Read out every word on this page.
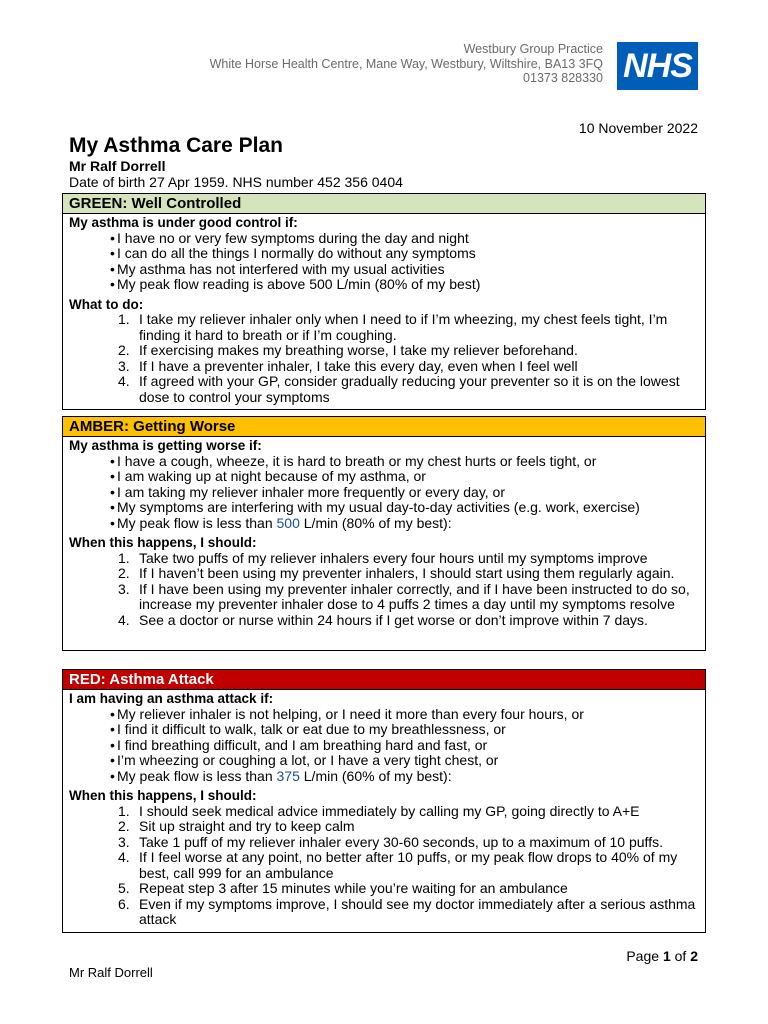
Westbury Group Practice
White Horse Health Centre, Mane Way, Westbury, Wiltshire, BA13 3FQ
01373 828330 NHS
10 November 2022
My Asthma Care Plan
Mr Ralf Dorrell
Date of birth 27 Apr 1959. NHS number 452 356 0404
GREEN: Well Controlled
My asthma is under good control if:
• I have no or very few symptoms during the day and night
• I can do all the things I normally do without any symptoms
• My asthma has not interfered with my usual activities
• My peak flow reading is above 500 L/min (80% of my best)
What to do:
1. I take my reliever inhaler only when I need to if I’m wheezing, my chest feels tight, I’m finding it hard to breath or if I’m coughing.
2. If exercising makes my breathing worse, I take my reliever beforehand.
3. If I have a preventer inhaler, I take this every day, even when I feel well
4. If agreed with your GP, consider gradually reducing your preventer so it is on the lowest dose to control your symptoms
AMBER: Getting Worse
My asthma is getting worse if:
• I have a cough, wheeze, it is hard to breath or my chest hurts or feels tight, or
• I am waking up at night because of my asthma, or
• I am taking my reliever inhaler more frequently or every day, or
• My symptoms are interfering with my usual day-to-day activities (e.g. work, exercise)
• My peak flow is less than 500 L/min (80% of my best):
When this happens, I should:
1. Take two puffs of my reliever inhalers every four hours until my symptoms improve
2. If I haven’t been using my preventer inhalers, I should start using them regularly again.
3. If I have been using my preventer inhaler correctly, and if I have been instructed to do so, increase my preventer inhaler dose to 4 puffs 2 times a day until my symptoms resolve
4. See a doctor or nurse within 24 hours if I get worse or don’t improve within 7 days.
RED: Asthma Attack
I am having an asthma attack if:
• My reliever inhaler is not helping, or I need it more than every four hours, or
• I find it difficult to walk, talk or eat due to my breathlessness, or
• I find breathing difficult, and I am breathing hard and fast, or
• I’m wheezing or coughing a lot, or I have a very tight chest, or
• My peak flow is less than 375 L/min (60% of my best):
When this happens, I should:
1. I should seek medical advice immediately by calling my GP, going directly to A+E
2. Sit up straight and try to keep calm
3. Take 1 puff of my reliever inhaler every 30-60 seconds, up to a maximum of 10 puffs.
4. If I feel worse at any point, no better after 10 puffs, or my peak flow drops to 40% of my best, call 999 for an ambulance
5. Repeat step 3 after 15 minutes while you’re waiting for an ambulance
6. Even if my symptoms improve, I should see my doctor immediately after a serious asthma attack
Page 1 of 2
Mr Ralf Dorrell
